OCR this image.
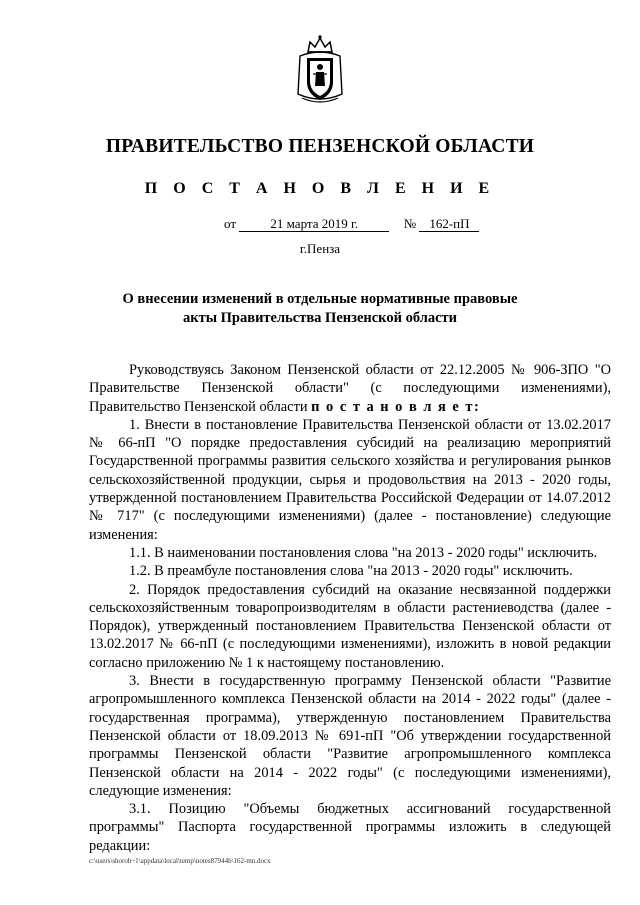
ПРАВИТЕЛЬСТВО ПЕНЗЕНСКОЙ ОБЛАСТИ
П О С Т А Н О В Л Е Н И Е
от	21 марта 2019 г.	№ 162-пП
г.Пенза
О внесении изменений в отдельные нормативные правовые акты Правительства Пензенской области

Руководствуясь Законом Пензенской области от 22.12.2005 № 906-ЗПО "О Правительстве Пензенской области" (с последующими изменениями), Правительство Пензенской области п о с т а н о в л я е т:

1. Внести в постановление Правительства Пензенской области от 13.02.2017 № 66-пП "О порядке предоставления субсидий на реализацию мероприятий Государственной программы развития сельского хозяйства и регулирования рынков сельскохозяйственной продукции, сырья и продовольствия на 2013 - 2020 годы, утвержденной постановлением Правительства Российской Федерации от 14.07.2012 № 717" (с последующими изменениями) (далее - постановление) следующие изменения:

1.1. В наименовании постановления слова "на 2013 - 2020 годы" исключить.

1.2. В преамбуле постановления слова "на 2013 - 2020 годы" исключить.

2. Порядок предоставления субсидий на оказание несвязанной поддержки сельскохозяйственным товаропроизводителям в области растениеводства (далее - Порядок), утвержденный постановлением Правительства Пензенской области от 13.02.2017 № 66-пП (с последующими изменениями), изложить в новой редакции согласно приложению № 1 к настоящему постановлению.

3. Внести в государственную программу Пензенской области "Развитие агропромышленного комплекса Пензенской области на 2014 - 2022 годы" (далее - государственная программа), утвержденную постановлением Правительства Пензенской области от 18.09.2013 № 691-пП "Об утверждении государственной программы Пензенской области "Развитие агропромышленного комплекса Пензенской области на 2014 - 2022 годы" (с последующими изменениями), следующие изменения:

3.1. Позицию "Объемы бюджетных ассигнований государственной программы" Паспорта государственной программы изложить в следующей редакции:

c:\users\shoroh~1\appdata\local\temp\notes87944b\162-mn.docx
